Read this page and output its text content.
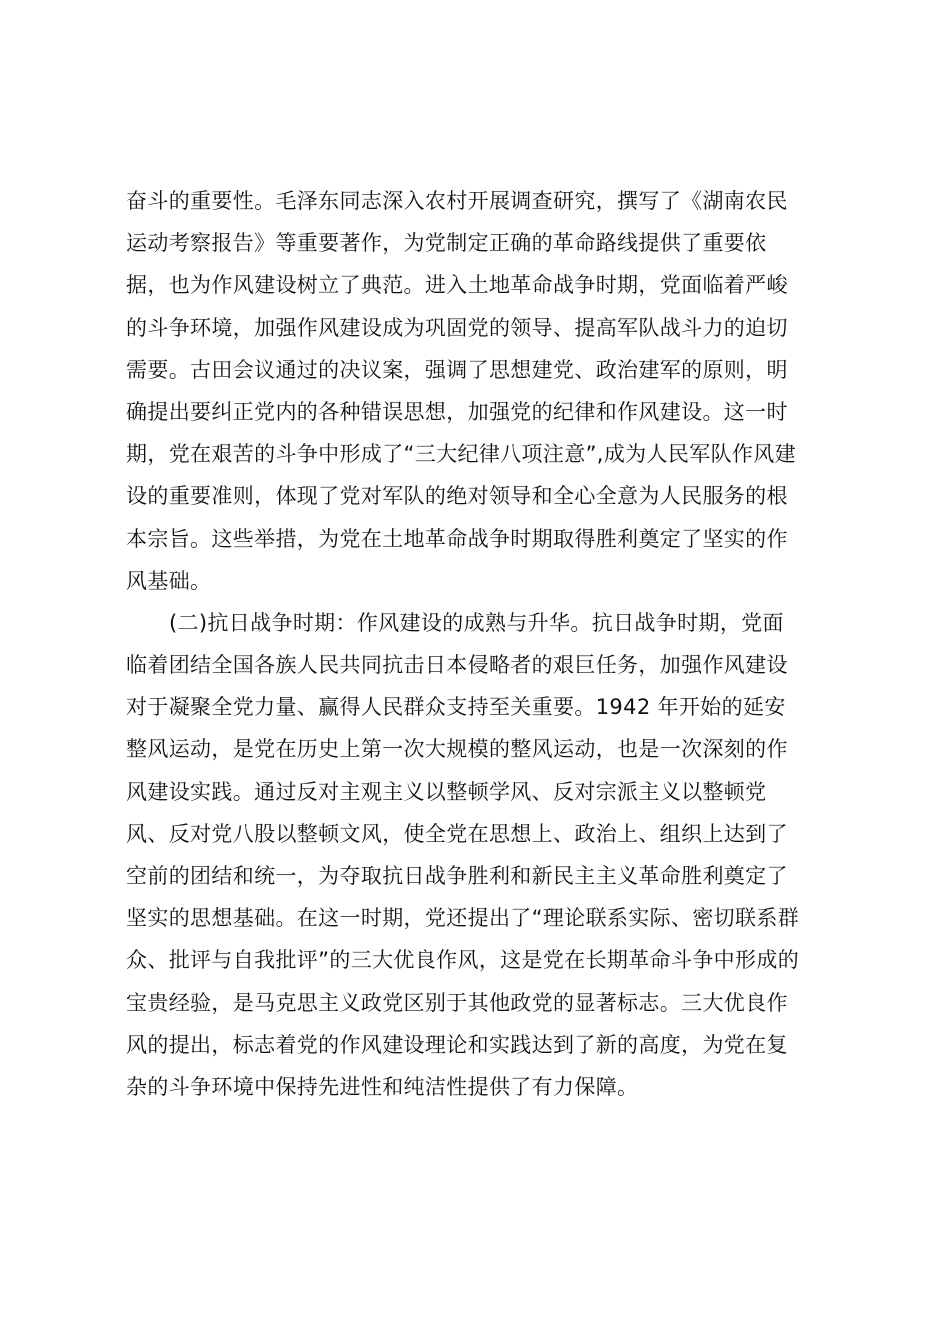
奋斗的重要性。毛泽东同志深入农村开展调查研究，撰写了《湖南农民
运动考察报告》等重要著作，为党制定正确的革命路线提供了重要依
据，也为作风建设树立了典范。进入土地革命战争时期，党面临着严峻
的斗争环境，加强作风建设成为巩固党的领导、提高军队战斗力的迫切
需要。古田会议通过的决议案，强调了思想建党、政治建军的原则，明
确提出要纠正党内的各种错误思想，加强党的纪律和作风建设。这一时
期，党在艰苦的斗争中形成了“三大纪律八项注意”,成为人民军队作风建
设的重要准则，体现了党对军队的绝对领导和全心全意为人民服务的根
本宗旨。这些举措，为党在土地革命战争时期取得胜利奠定了坚实的作
风基础。
(二)抗日战争时期：作风建设的成熟与升华。抗日战争时期，党面
临着团结全国各族人民共同抗击日本侵略者的艰巨任务，加强作风建设
对于凝聚全党力量、赢得人民群众支持至关重要。1942 年开始的延安
整风运动，是党在历史上第一次大规模的整风运动，也是一次深刻的作
风建设实践。通过反对主观主义以整顿学风、反对宗派主义以整顿党
风、反对党八股以整顿文风，使全党在思想上、政治上、组织上达到了
空前的团结和统一，为夺取抗日战争胜利和新民主主义革命胜利奠定了
坚实的思想基础。在这一时期，党还提出了“理论联系实际、密切联系群
众、批评与自我批评”的三大优良作风，这是党在长期革命斗争中形成的
宝贵经验，是马克思主义政党区别于其他政党的显著标志。三大优良作
风的提出，标志着党的作风建设理论和实践达到了新的高度，为党在复
杂的斗争环境中保持先进性和纯洁性提供了有力保障。
